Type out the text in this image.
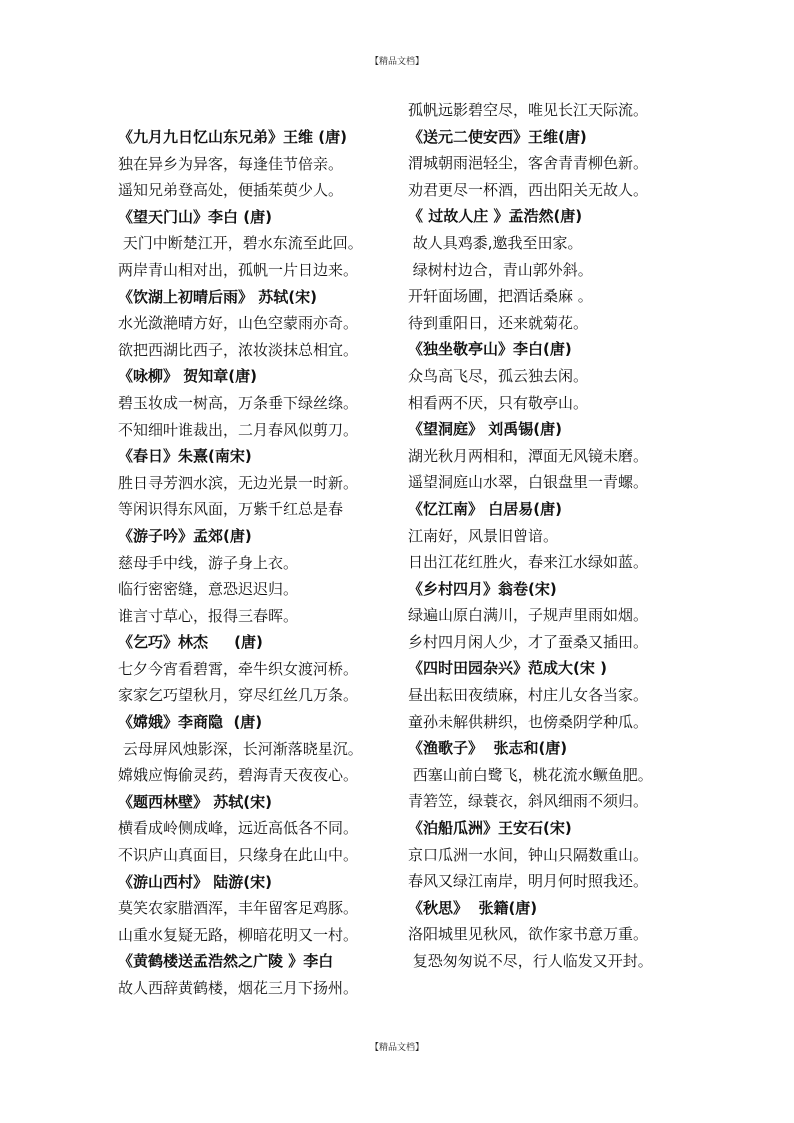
【精品文档】
《九月九日忆山东兄弟》王维 (唐)
独在异乡为异客，每逢佳节倍亲。
遥知兄弟登高处，便插茱萸少人。
《望天门山》李白 (唐)
天门中断楚江开，碧水东流至此回。
两岸青山相对出，孤帆一片日边来。
《饮湖上初晴后雨》 苏轼(宋)
水光潋滟晴方好，山色空蒙雨亦奇。
欲把西湖比西子，浓妆淡抹总相宜。
《咏柳》 贺知章(唐)
碧玉妆成一树高，万条垂下绿丝绦。
不知细叶谁裁出，二月春风似剪刀。
《春日》朱熹(南宋)
胜日寻芳泗水滨，无边光景一时新。
等闲识得东风面，万紫千红总是春
《游子吟》孟郊(唐)
慈母手中线，游子身上衣。
临行密密缝，意恐迟迟归。
谁言寸草心，报得三春晖。
《乞巧》林杰     (唐)
七夕今宵看碧霄，牵牛织女渡河桥。
家家乞巧望秋月，穿尽红丝几万条。
《嫦娥》李商隐  (唐)
云母屏风烛影深，长河渐落晓星沉。
嫦娥应悔偷灵药，碧海青天夜夜心。
《题西林壁》 苏轼(宋)
横看成岭侧成峰，远近高低各不同。
不识庐山真面目，只缘身在此山中。
《游山西村》 陆游(宋)
莫笑农家腊酒浑，丰年留客足鸡豚。
山重水复疑无路，柳暗花明又一村。
《黄鹤楼送孟浩然之广陵 》李白
故人西辞黄鹤楼，烟花三月下扬州。
孤帆远影碧空尽，唯见长江天际流。
《送元二使安西》王维(唐)
渭城朝雨浥轻尘，客舍青青柳色新。
劝君更尽一杯酒，西出阳关无故人。
《 过故人庄 》孟浩然(唐)
故人具鸡黍,邀我至田家。
绿树村边合，青山郭外斜。
开轩面场圃，把酒话桑麻 。
待到重阳日，还来就菊花。
《独坐敬亭山》李白(唐)
众鸟高飞尽，孤云独去闲。
相看两不厌，只有敬亭山。
《望洞庭》 刘禹锡(唐)
湖光秋月两相和，潭面无风镜未磨。
遥望洞庭山水翠，白银盘里一青螺。
《忆江南》 白居易(唐)
江南好，风景旧曾谙。
日出江花红胜火，春来江水绿如蓝。
《乡村四月》翁卷(宋)
绿遍山原白满川，子规声里雨如烟。
乡村四月闲人少，才了蚕桑又插田。
《四时田园杂兴》范成大(宋 )
昼出耘田夜绩麻，村庄儿女各当家。
童孙未解供耕织，也傍桑阴学种瓜。
《渔歌子》  张志和(唐)
西塞山前白鹭飞，桃花流水鳜鱼肥。
青箬笠，绿蓑衣，斜风细雨不须归。
《泊船瓜洲》王安石(宋)
京口瓜洲一水间，钟山只隔数重山。
春风又绿江南岸，明月何时照我还。
《秋思》  张籍(唐)
洛阳城里见秋风，欲作家书意万重。
复恐匆匆说不尽，行人临发又开封。
【精品文档】
